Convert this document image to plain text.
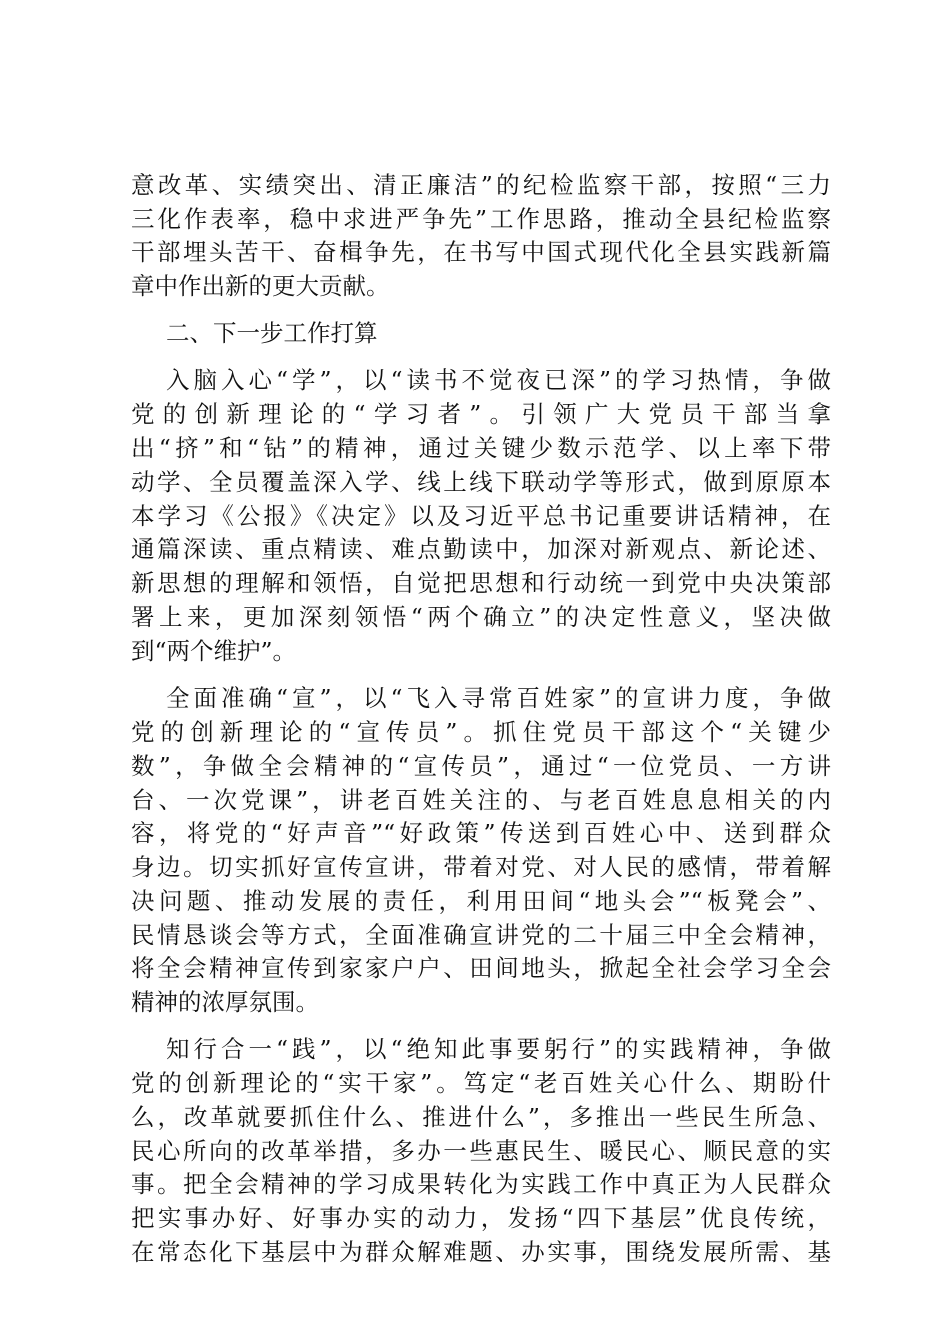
意改革、实绩突出、清正廉洁”的纪检监察干部，按照“三力

三化作表率，稳中求进严争先”工作思路，推动全县纪检监察

干部埋头苦干、奋楫争先，在书写中国式现代化全县实践新篇

章中作出新的更大贡献。

二、下一步工作打算

入脑入心“学”，以“读书不觉夜已深”的学习热情，争做

党的创新理论的“学习者”。引领广大党员干部当拿

出“挤”和“钻”的精神，通过关键少数示范学、以上率下带

动学、全员覆盖深入学、线上线下联动学等形式，做到原原本

本学习《公报》《决定》以及习近平总书记重要讲话精神，在

通篇深读、重点精读、难点勤读中，加深对新观点、新论述、

新思想的理解和领悟，自觉把思想和行动统一到党中央决策部

署上来，更加深刻领悟“两个确立”的决定性意义，坚决做

到“两个维护”。

全面准确“宣”，以“飞入寻常百姓家”的宣讲力度，争做

党的创新理论的“宣传员”。抓住党员干部这个“关键少

数”，争做全会精神的“宣传员”，通过“一位党员、一方讲

台、一次党课”，讲老百姓关注的、与老百姓息息相关的内

容，将党的“好声音”“好政策”传送到百姓心中、送到群众

身边。切实抓好宣传宣讲，带着对党、对人民的感情，带着解

决问题、推动发展的责任，利用田间“地头会”“板凳会”、

民情恳谈会等方式，全面准确宣讲党的二十届三中全会精神，

将全会精神宣传到家家户户、田间地头，掀起全社会学习全会

精神的浓厚氛围。

知行合一“践”，以“绝知此事要躬行”的实践精神，争做

党的创新理论的“实干家”。笃定“老百姓关心什么、期盼什

么，改革就要抓住什么、推进什么”，多推出一些民生所急、

民心所向的改革举措，多办一些惠民生、暖民心、顺民意的实

事。把全会精神的学习成果转化为实践工作中真正为人民群众

把实事办好、好事办实的动力，发扬“四下基层”优良传统，

在常态化下基层中为群众解难题、办实事，围绕发展所需、基
